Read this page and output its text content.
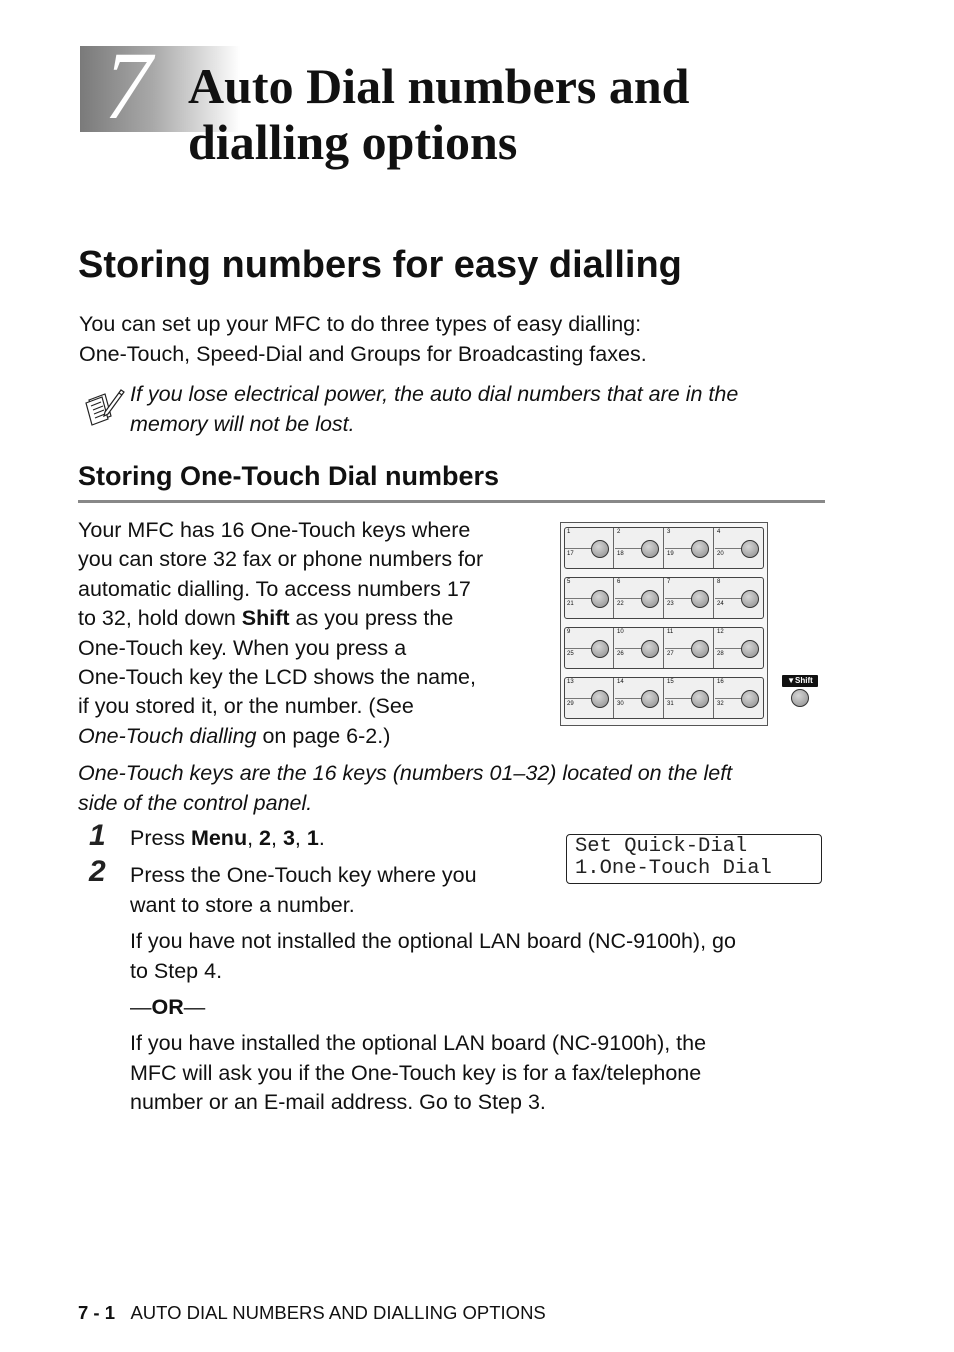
7 Auto Dial numbers and
dialling options
Storing numbers for easy dialling

You can set up your MFC to do three types of easy dialling:
One-Touch, Speed-Dial and Groups for Broadcasting faxes.

If you lose electrical power, the auto dial numbers that are in the
memory will not be lost.

Storing One-Touch Dial numbers

Your MFC has 16 One-Touch keys where
you can store 32 fax or phone numbers for
automatic dialling. To access numbers 17
to 32, hold down Shift as you press the
One-Touch key. When you press a
One-Touch key the LCD shows the name,
if you stored it, or the number. (See
One-Touch dialling on page 6-2.)

1
17
2
18
3
19
4
20
5
21
6
22
7
23
8
24
9
25
10
26
11
27
12
28
13
29
14
30
15
31
16
32
▼Shift

One-Touch keys are the 16 keys (numbers 01–32) located on the left
side of the control panel.

1 Press Menu, 2, 3, 1.

2 Press the One-Touch key where you
want to store a number.

Set Quick-Dial
1.One-Touch Dial

If you have not installed the optional LAN board (NC-9100h), go
to Step 4.

—OR—

If you have installed the optional LAN board (NC-9100h), the
MFC will ask you if the One-Touch key is for a fax/telephone
number or an E-mail address. Go to Step 3.

7 - 1 AUTO DIAL NUMBERS AND DIALLING OPTIONS
